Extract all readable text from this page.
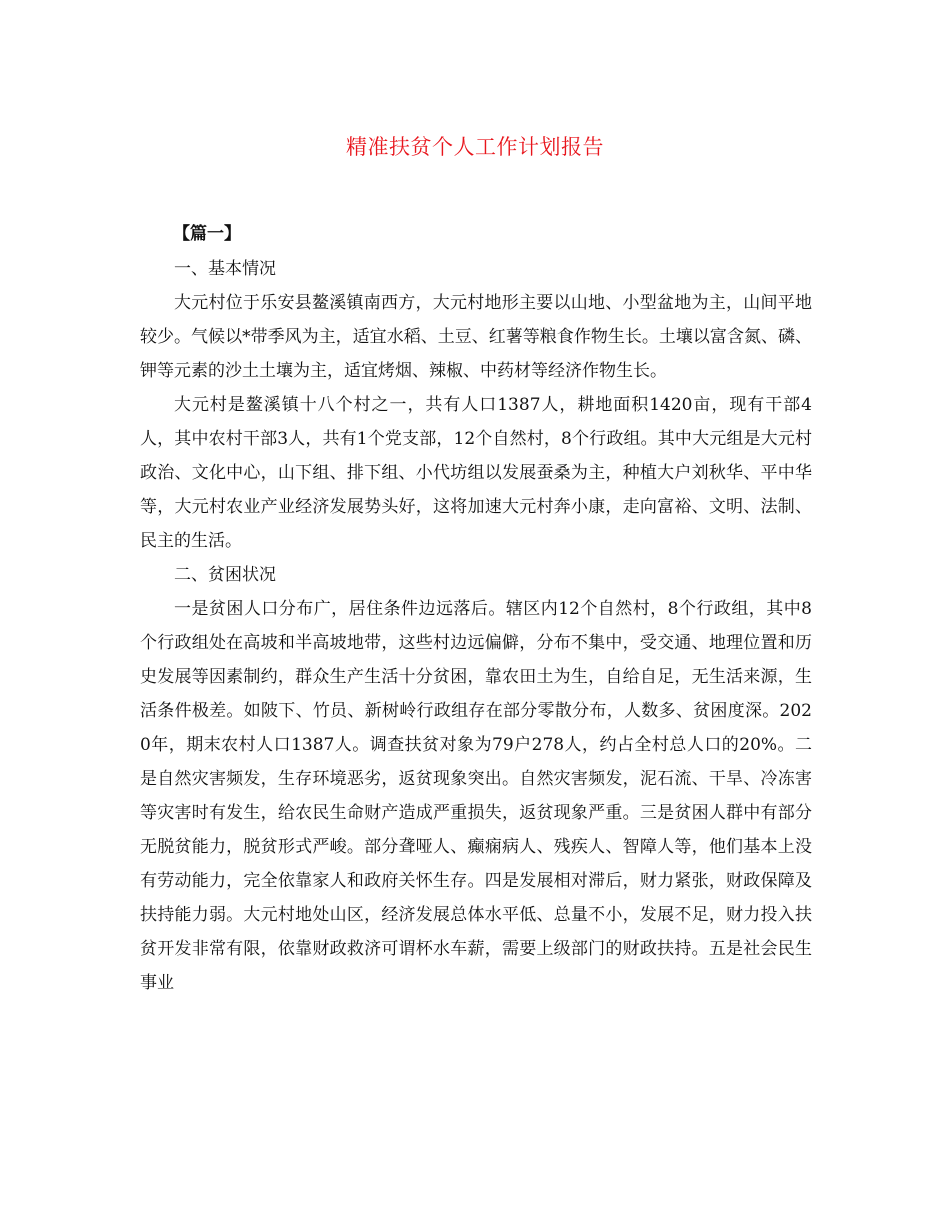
精准扶贫个人工作计划报告
【篇一】

一、基本情况

大元村位于乐安县鳌溪镇南西方，大元村地形主要以山地、小型盆地为主，山间平地较少。气候以*带季风为主，适宜水稻、土豆、红薯等粮食作物生长。土壤以富含氮、磷、钾等元素的沙土土壤为主，适宜烤烟、辣椒、中药材等经济作物生长。

大元村是鳌溪镇十八个村之一，共有人口1387人，耕地面积1420亩，现有干部4人，其中农村干部3人，共有1个党支部，12个自然村，8个行政组。其中大元组是大元村政治、文化中心，山下组、排下组、小代坊组以发展蚕桑为主，种植大户刘秋华、平中华等，大元村农业产业经济发展势头好，这将加速大元村奔小康，走向富裕、文明、法制、民主的生活。

二、贫困状况

一是贫困人口分布广，居住条件边远落后。辖区内12个自然村，8个行政组，其中8个行政组处在高坡和半高坡地带，这些村边远偏僻，分布不集中，受交通、地理位置和历史发展等因素制约，群众生产生活十分贫困，靠农田土为生，自给自足，无生活来源，生活条件极差。如陂下、竹员、新树岭行政组存在部分零散分布，人数多、贫困度深。2020年，期末农村人口1387人。调查扶贫对象为79户278人，约占全村总人口的20%。二是自然灾害频发，生存环境恶劣，返贫现象突出。自然灾害频发，泥石流、干旱、冷冻害等灾害时有发生，给农民生命财产造成严重损失，返贫现象严重。三是贫困人群中有部分无脱贫能力，脱贫形式严峻。部分聋哑人、癫痫病人、残疾人、智障人等，他们基本上没有劳动能力，完全依靠家人和政府关怀生存。四是发展相对滞后，财力紧张，财政保障及扶持能力弱。大元村地处山区，经济发展总体水平低、总量不小，发展不足，财力投入扶贫开发非常有限，依靠财政救济可谓杯水车薪，需要上级部门的财政扶持。五是社会民生事业
